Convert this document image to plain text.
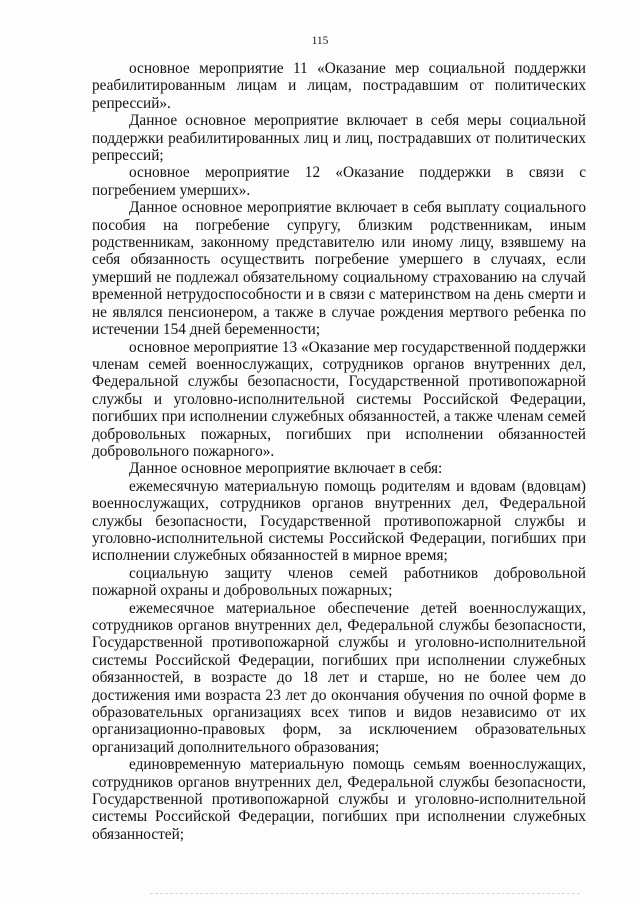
115

основное мероприятие 11 «Оказание мер социальной поддержки реабилитированным лицам и лицам, пострадавшим от политических репрессий».

Данное основное мероприятие включает в себя меры социальной поддержки реабилитированных лиц и лиц, пострадавших от политических репрессий;

основное мероприятие 12 «Оказание поддержки в связи с погребением умерших».

Данное основное мероприятие включает в себя выплату социального пособия на погребение супругу, близким родственникам, иным родственникам, законному представителю или иному лицу, взявшему на себя обязанность осуществить погребение умершего в случаях, если умерший не подлежал обязательному социальному страхованию на случай временной нетрудоспособности и в связи с материнством на день смерти и не являлся пенсионером, а также в случае рождения мертвого ребенка по истечении 154 дней беременности;

основное мероприятие 13 «Оказание мер государственной поддержки членам семей военнослужащих, сотрудников органов внутренних дел, Федеральной службы безопасности, Государственной противопожарной службы и уголовно-исполнительной системы Российской Федерации, погибших при исполнении служебных обязанностей, а также членам семей добровольных пожарных, погибших при исполнении обязанностей добровольного пожарного».

Данное основное мероприятие включает в себя:

ежемесячную материальную помощь родителям и вдовам (вдовцам) военнослужащих, сотрудников органов внутренних дел, Федеральной службы безопасности, Государственной противопожарной службы и уголовно-исполнительной системы Российской Федерации, погибших при исполнении служебных обязанностей в мирное время;

социальную защиту членов семей работников добровольной пожарной охраны и добровольных пожарных;

ежемесячное материальное обеспечение детей военнослужащих, сотрудников органов внутренних дел, Федеральной службы безопасности, Государственной противопожарной службы и уголовно-исполнительной системы Российской Федерации, погибших при исполнении служебных обязанностей, в возрасте до 18 лет и старше, но не более чем до достижения ими возраста 23 лет до окончания обучения по очной форме в образовательных организациях всех типов и видов независимо от их организационно-правовых форм, за исключением образовательных организаций дополнительного образования;

единовременную материальную помощь семьям военнослужащих, сотрудников органов внутренних дел, Федеральной службы безопасности, Государственной противопожарной службы и уголовно-исполнительной системы Российской Федерации, погибших при исполнении служебных обязанностей;
